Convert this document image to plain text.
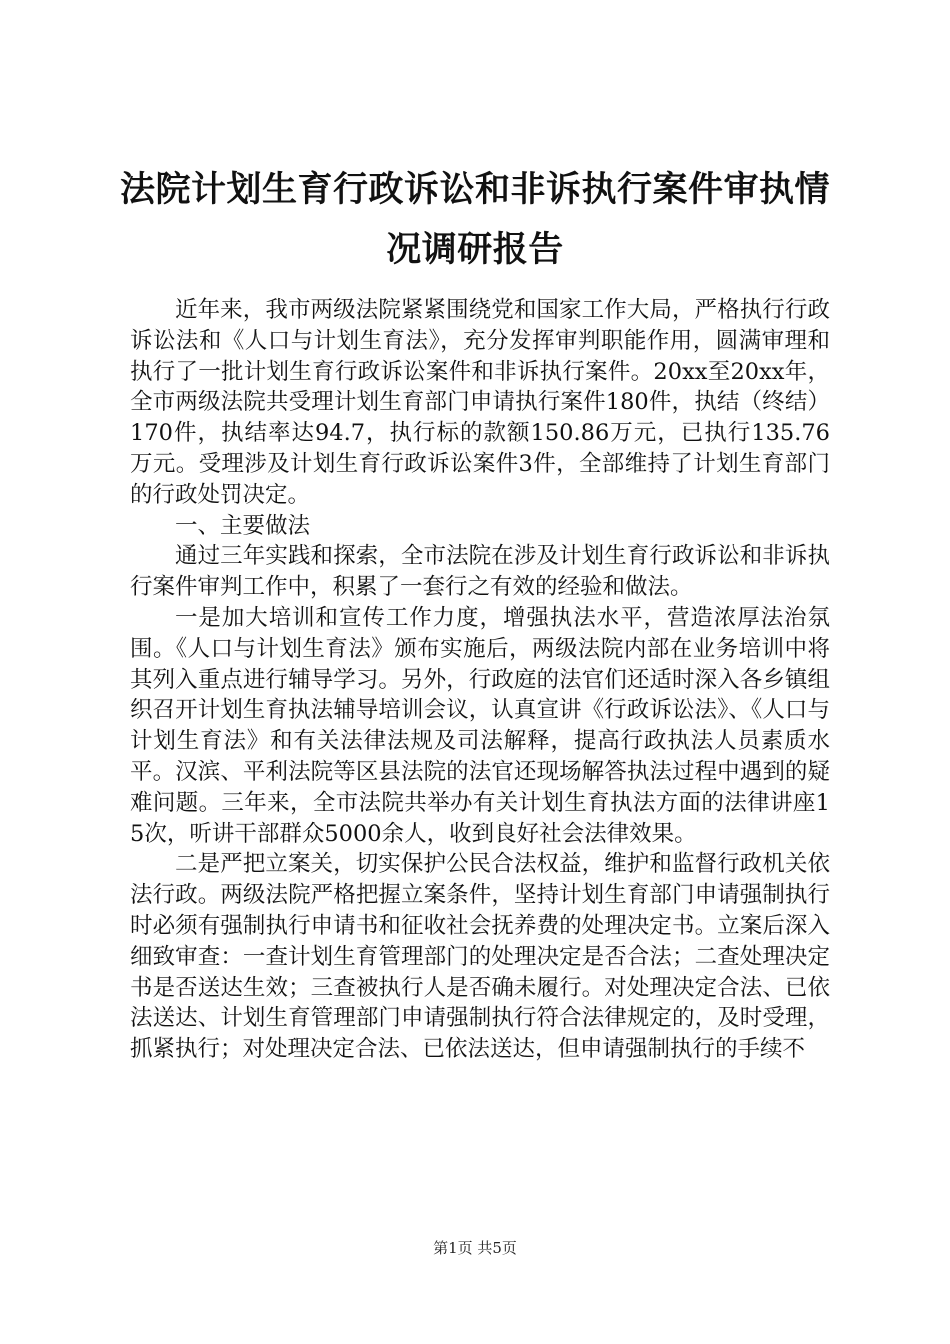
法院计划生育行政诉讼和非诉执行案件审执情
况调研报告

近年来，我市两级法院紧紧围绕党和国家工作大局，严格执行行政诉讼法和《人口与计划生育法》，充分发挥审判职能作用，圆满审理和执行了一批计划生育行政诉讼案件和非诉执行案件。20xx至20xx年，全市两级法院共受理计划生育部门申请执行案件180件，执结（终结）170件，执结率达94.7，执行标的款额150.86万元，已执行135.76万元。受理涉及计划生育行政诉讼案件3件，全部维持了计划生育部门的行政处罚决定。

一、主要做法

通过三年实践和探索，全市法院在涉及计划生育行政诉讼和非诉执行案件审判工作中，积累了一套行之有效的经验和做法。

一是加大培训和宣传工作力度，增强执法水平，营造浓厚法治氛围。《人口与计划生育法》颁布实施后，两级法院内部在业务培训中将其列入重点进行辅导学习。另外，行政庭的法官们还适时深入各乡镇组织召开计划生育执法辅导培训会议，认真宣讲《行政诉讼法》、《人口与计划生育法》和有关法律法规及司法解释，提高行政执法人员素质水平。汉滨、平利法院等区县法院的法官还现场解答执法过程中遇到的疑难问题。三年来，全市法院共举办有关计划生育执法方面的法律讲座15次，听讲干部群众5000余人，收到良好社会法律效果。

二是严把立案关，切实保护公民合法权益，维护和监督行政机关依法行政。两级法院严格把握立案条件，坚持计划生育部门申请强制执行时必须有强制执行申请书和征收社会抚养费的处理决定书。立案后深入细致审查：一查计划生育管理部门的处理决定是否合法；二查处理决定书是否送达生效；三查被执行人是否确未履行。对处理决定合法、已依法送达、计划生育管理部门申请强制执行符合法律规定的，及时受理，抓紧执行；对处理决定合法、已依法送达，但申请强制执行的手续不

第1页 共5页
